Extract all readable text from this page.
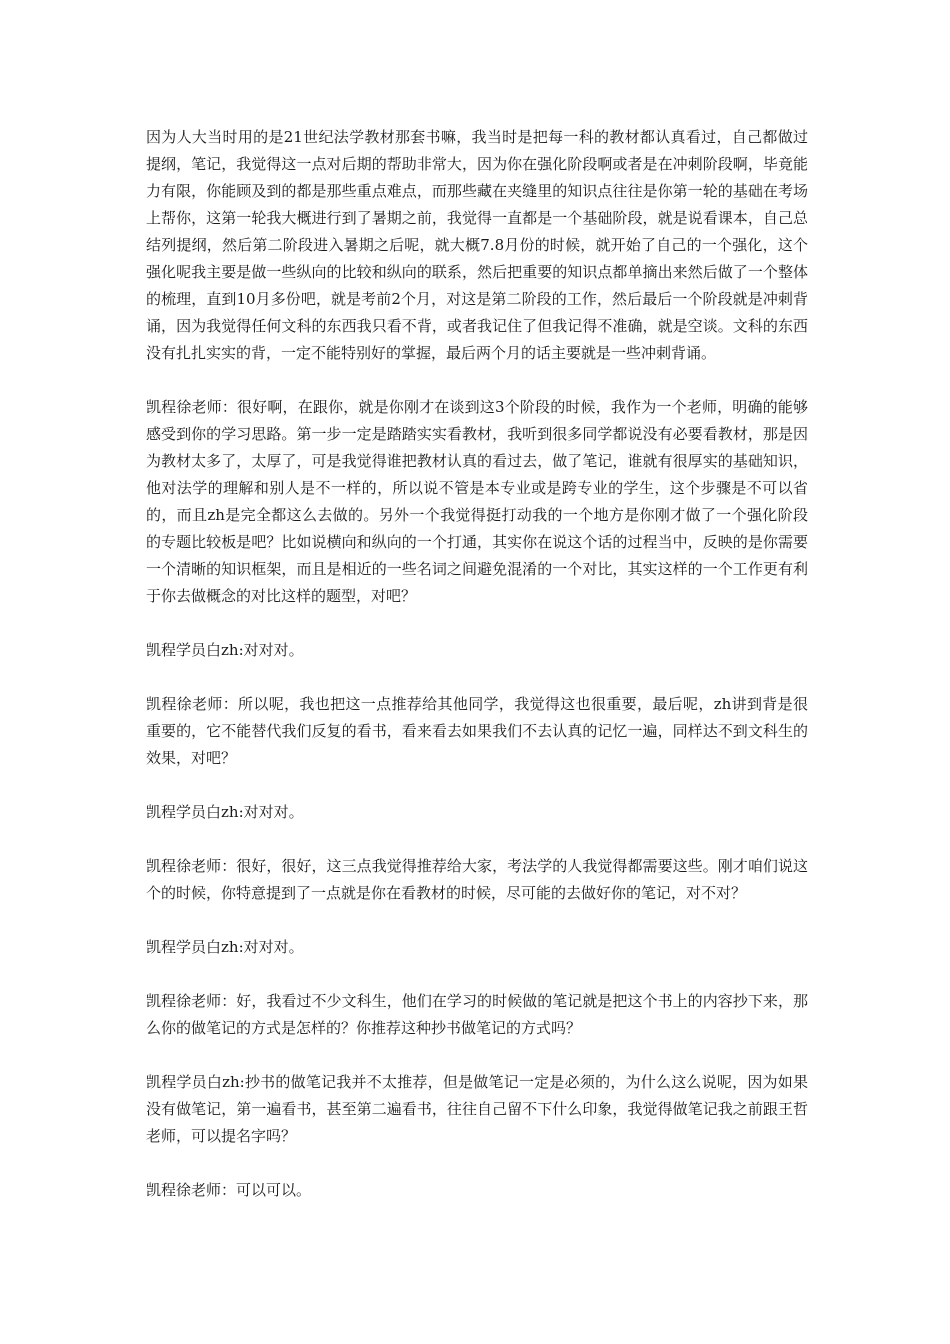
因为人大当时用的是21世纪法学教材那套书嘛，我当时是把每一科的教材都认真看过，自己都做过提纲，笔记，我觉得这一点对后期的帮助非常大，因为你在强化阶段啊或者是在冲刺阶段啊，毕竟能力有限，你能顾及到的都是那些重点难点，而那些藏在夹缝里的知识点往往是你第一轮的基础在考场上帮你，这第一轮我大概进行到了暑期之前，我觉得一直都是一个基础阶段，就是说看课本，自己总结列提纲，然后第二阶段进入暑期之后呢，就大概7.8月份的时候，就开始了自己的一个强化，这个强化呢我主要是做一些纵向的比较和纵向的联系，然后把重要的知识点都单摘出来然后做了一个整体的梳理，直到10月多份吧，就是考前2个月，对这是第二阶段的工作，然后最后一个阶段就是冲刺背诵，因为我觉得任何文科的东西我只看不背，或者我记住了但我记得不准确，就是空谈。文科的东西没有扎扎实实的背，一定不能特别好的掌握，最后两个月的话主要就是一些冲刺背诵。

凯程徐老师：很好啊，在跟你，就是你刚才在谈到这3个阶段的时候，我作为一个老师，明确的能够感受到你的学习思路。第一步一定是踏踏实实看教材，我听到很多同学都说没有必要看教材，那是因为教材太多了，太厚了，可是我觉得谁把教材认真的看过去，做了笔记，谁就有很厚实的基础知识，他对法学的理解和别人是不一样的，所以说不管是本专业或是跨专业的学生，这个步骤是不可以省的，而且zh是完全都这么去做的。另外一个我觉得挺打动我的一个地方是你刚才做了一个强化阶段的专题比较板是吧？比如说横向和纵向的一个打通，其实你在说这个话的过程当中，反映的是你需要一个清晰的知识框架，而且是相近的一些名词之间避免混淆的一个对比，其实这样的一个工作更有利于你去做概念的对比这样的题型，对吧？

凯程学员白zh:对对对。

凯程徐老师：所以呢，我也把这一点推荐给其他同学，我觉得这也很重要，最后呢，zh讲到背是很重要的，它不能替代我们反复的看书，看来看去如果我们不去认真的记忆一遍，同样达不到文科生的效果，对吧？

凯程学员白zh:对对对。

凯程徐老师：很好，很好，这三点我觉得推荐给大家，考法学的人我觉得都需要这些。刚才咱们说这个的时候，你特意提到了一点就是你在看教材的时候，尽可能的去做好你的笔记，对不对？

凯程学员白zh:对对对。

凯程徐老师：好，我看过不少文科生，他们在学习的时候做的笔记就是把这个书上的内容抄下来，那么你的做笔记的方式是怎样的？你推荐这种抄书做笔记的方式吗？

凯程学员白zh:抄书的做笔记我并不太推荐，但是做笔记一定是必须的，为什么这么说呢，因为如果没有做笔记，第一遍看书，甚至第二遍看书，往往自己留不下什么印象，我觉得做笔记我之前跟王哲老师，可以提名字吗？

凯程徐老师：可以可以。
